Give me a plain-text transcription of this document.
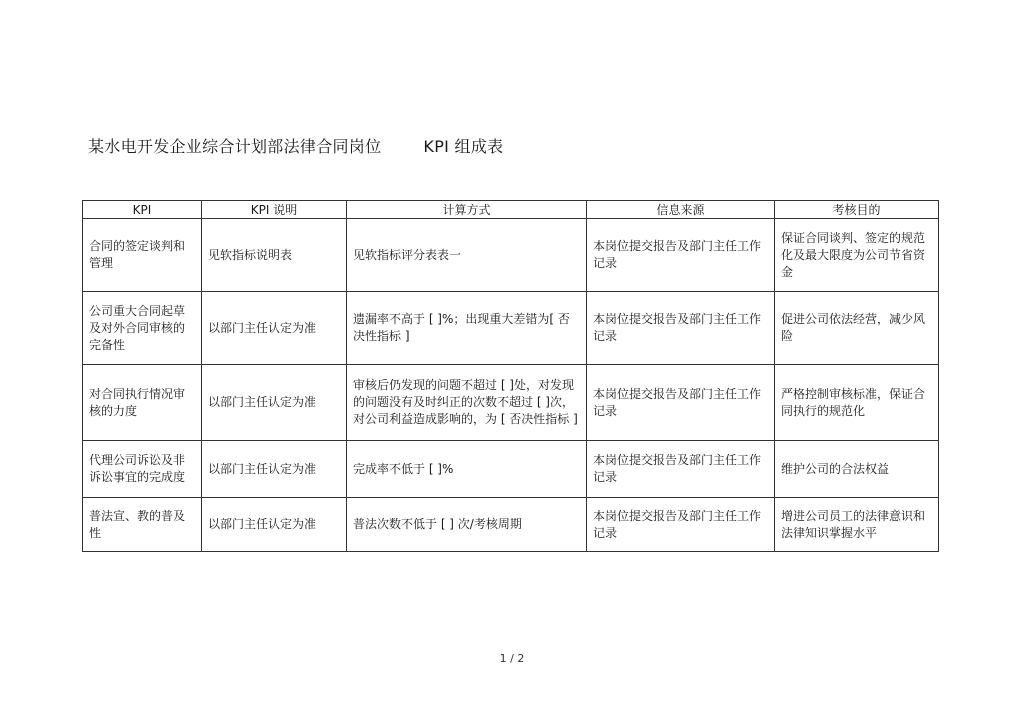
某水电开发企业综合计划部法律合同岗位	KPI 组成表
KPI	KPI 说明	计算方式	信息来源	考核目的
合同的签定谈判和管理	见软指标说明表	见软指标评分表表一	本岗位提交报告及部门主任工作记录	保证合同谈判、签定的规范化及最大限度为公司节省资金
公司重大合同起草及对外合同审核的完备性	以部门主任认定为准	遗漏率不高于 [ ]%；出现重大差错为[ 否决性指标 ]	本岗位提交报告及部门主任工作记录	促进公司依法经营，减少风险
对合同执行情况审核的力度	以部门主任认定为准	审核后仍发现的问题不超过 [ ]处，对发现的问题没有及时纠正的次数不超过 [ ]次，对公司利益造成影响的，为 [ 否决性指标 ]	本岗位提交报告及部门主任工作记录	严格控制审核标准，保证合同执行的规范化
代理公司诉讼及非诉讼事宜的完成度	以部门主任认定为准	完成率不低于 [ ]%	本岗位提交报告及部门主任工作记录	维护公司的合法权益
普法宣、教的普及性	以部门主任认定为准	普法次数不低于 [ ] 次/考核周期	本岗位提交报告及部门主任工作记录	增进公司员工的法律意识和法律知识掌握水平
1 / 2
